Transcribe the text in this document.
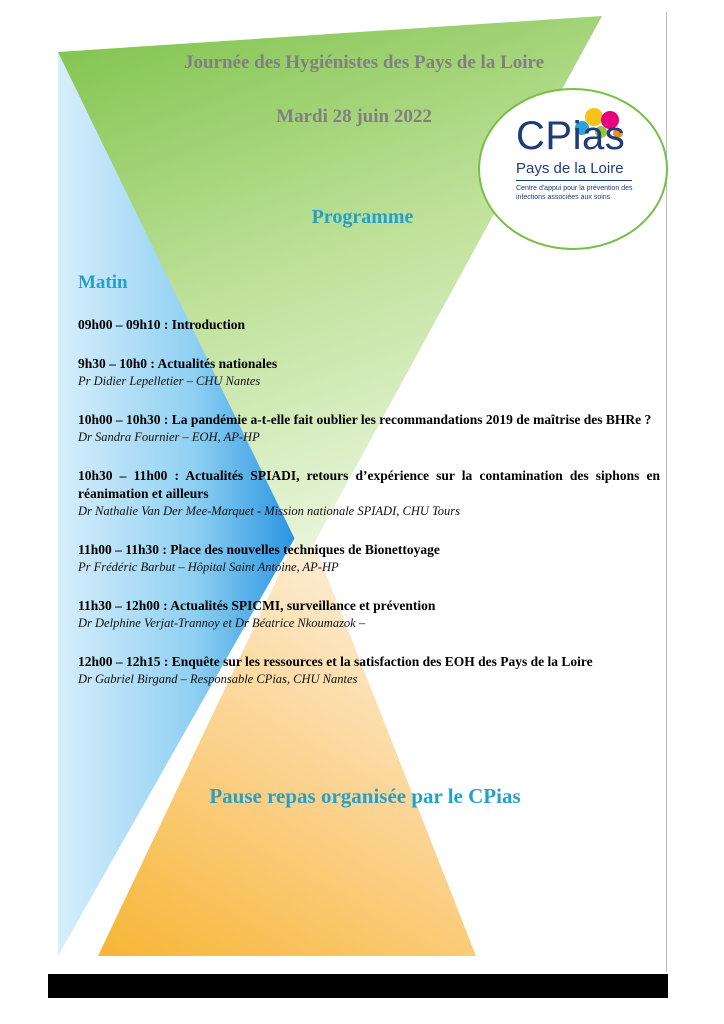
Journée des Hygiénistes des Pays de la Loire
Mardi 28 juin 2022	CPias
Pays de la Loire
Centre d'appui pour la prévention des infections associées aux soins
Programme
Matin
09h00 – 09h10 : Introduction
9h30 – 10h0 : Actualités nationales
Pr Didier Lepelletier – CHU Nantes
10h00 – 10h30 : La pandémie a-t-elle fait oublier les recommandations 2019 de maîtrise des BHRe ?
Dr Sandra Fournier – EOH, AP-HP
10h30 – 11h00 : Actualités SPIADI, retours d’expérience sur la contamination des siphons en réanimation et ailleurs
Dr Nathalie Van Der Mee-Marquet - Mission nationale SPIADI, CHU Tours
11h00 – 11h30 : Place des nouvelles techniques de Bionettoyage
Pr Frédéric Barbut – Hôpital Saint Antoine, AP-HP
11h30 – 12h00 : Actualités SPICMI, surveillance et prévention
Dr Delphine Verjat-Trannoy et Dr Béatrice Nkoumazok –
12h00 – 12h15 : Enquête sur les ressources et la satisfaction des EOH des Pays de la Loire
Dr Gabriel Birgand – Responsable CPias, CHU Nantes
Pause repas organisée par le CPias
